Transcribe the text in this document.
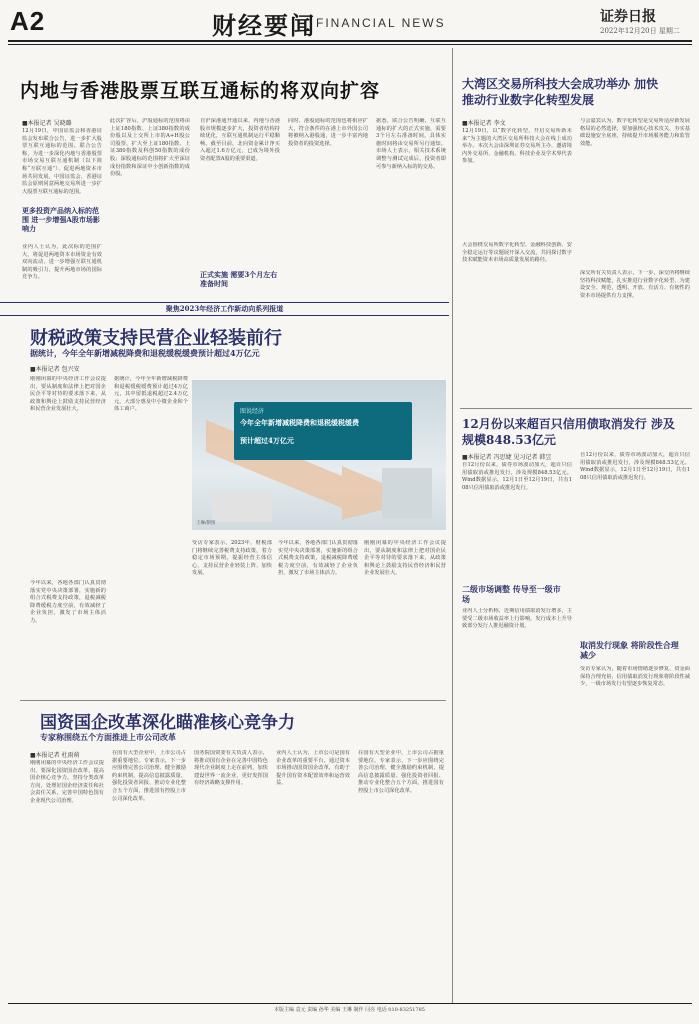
A2	财经要闻 FINANCIAL NEWS	证券日报
2022年12月20日 星期二
内地与香港股票互联互通标的将双向扩容
■本报记者 吴晓璐
12月19日，中国证监会和香港证监会发布联合公告，进一步扩大股票互联互通标的范围。联合公告称，为进一步深化内地与香港股票市场交易互联互通机制（以下简称“互联互通”），促进两地资本市场共同发展，中国证监会、香港证监会原则同意两地交易所进一步扩大股票互联互通标的范围。
业内人士认为，此次标的范围扩大，将促进两地资本市场资金有效双向流动，进一步增强互联互通机制的吸引力，提升两地市场的国际竞争力。
此次扩容后，沪股通标的范围将由上证180指数、上证380指数的成份股以及上交所上市的A+H股公司股票，扩大至上证180指数、上证380指数及科创50指数的成份股；深股通标的范围将扩大至深证成份指数和深证中小创新指数的成份股。
自沪深港通开通以来，内地与香港股市规模逐步扩大，投资者结构持续优化，互联互通机制运行平稳顺畅。截至目前，北向资金累计净买入超过1.6万亿元，已成为境外投资者配置A股的重要渠道。
同时，港股通标的范围也将相应扩大，符合条件的在港上市外国公司将被纳入港股通，进一步丰富内地投资者的投资选择。
据悉，联合公告明确，互联互通标的扩大的正式实施，需要3个月左右准备时间，具体实施时间将由交易所另行通知。市场人士表示，相关技术系统调整与测试完成后，投资者即可参与新纳入标的的交易。
正式实施 需要3个月左右准备时间
更多投资产品纳入标的范围 进一步增强A股市场影响力
大湾区交易所科技大会成功举办 加快推动行业数字化转型发展
■本报记者 李文
12月19日，以“数字化转型，开启交易所新未来”为主题的大湾区交易所科技大会在线上成功举办。本次大会由深圳证券交易所主办，邀请境内外交易所、金融机构、科技企业及学术界代表参加。
大会围绕交易所数字化转型、金融科技创新、安全稳定运行等议题展开深入交流，共同探讨数字技术赋能资本市场高质量发展的路径。
与会嘉宾认为，数字化转型是交易所适应新发展格局的必然选择，要加强核心技术攻关，夯实基础设施安全底座，持续提升市场服务能力和监管效能。
深交所有关负责人表示，下一步，深交所将继续坚持科技赋能，扎实推进行业数字化转型，为建设安全、规范、透明、开放、有活力、有韧性的资本市场提供有力支撑。
聚焦2023年经济工作新动向系列报道
财税政策支持民营企业轻装前行
据统计，今年全年新增减税降费和退税缓税缓费预计超过4万亿元
■本报记者 包兴安
刚刚闭幕的中央经济工作会议提出，要从制度和法律上把对国企民企平等对待的要求落下来，从政策和舆论上鼓励支持民营经济和民营企业发展壮大。
今年以来，各地各部门认真贯彻落实党中央决策部署，实施新的组合式税费支持政策，退税减税降费缓税力度空前，有效减轻了企业负担，激发了市场主体活力。
据统计，今年全年新增减税降费和退税缓税缓费预计超过4万亿元，其中留抵退税超过2.4万亿元，大部分惠及中小微企业和个体工商户。
受访专家表示，2023年，财税部门将继续完善税费支持政策，着力稳定市场预期，提振经营主体信心，支持民营企业轻装上阵、加快发展。
今年以来，各地各部门认真贯彻落实党中央决策部署，实施新的组合式税费支持政策，退税减税降费缓税力度空前，有效减轻了企业负担，激发了市场主体活力。
刚刚闭幕的中央经济工作会议提出，要从制度和法律上把对国企民企平等对待的要求落下来，从政策和舆论上鼓励支持民营经济和民营企业发展壮大。
图说经济
今年全年新增减税降费和退税缓税缓费
预计超过4万亿元
王琳/制图
国资国企改革深化瞄准核心竞争力
专家称围绕五个方面推进上市公司改革
■本报记者 杜雨萌
刚刚闭幕的中央经济工作会议提出，要深化国资国企改革，提高国企核心竞争力。坚持分类改革方向，处理好国企经济责任和社会责任关系，完善中国特色国有企业现代公司治理。
在国有大型企业中，上市公司占据重要地位。专家表示，下一步应围绕完善公司治理、健全激励约束机制、提高信息披露质量、强化投资者回报、推动专业化整合五个方面，推进国有控股上市公司深化改革。
国务院国资委有关负责人表示，将推动国有企业在完善中国特色现代企业制度上走在前列，加快建设世界一流企业，更好发挥国有经济战略支撑作用。
业内人士认为，上市公司是国有企业改革的重要平台，通过资本市场推动国资国企改革，有助于提升国有资本配置效率和运营效益。
在国有大型企业中，上市公司占据重要地位。专家表示，下一步应围绕完善公司治理、健全激励约束机制、提高信息披露质量、强化投资者回报、推动专业化整合五个方面，推进国有控股上市公司深化改革。
12月份以来超百只信用债取消发行 涉及规模848.53亿元
■本报记者 冯思婕 见习记者 韩昱
自12月份以来，债券市场波动加大，超百只信用债取消或推迟发行，涉及规模848.53亿元。Wind数据显示，12月1日至12月19日，共有108只信用债取消或推迟发行。
二级市场调整 传导至一级市场
业内人士分析称，近期信用债取消发行增多，主要受二级市场收益率上行影响，发行成本上升导致部分发行人推迟融资计划。
自12月份以来，债券市场波动加大，超百只信用债取消或推迟发行，涉及规模848.53亿元。Wind数据显示，12月1日至12月19日，共有108只信用债取消或推迟发行。
取消发行现象 将阶段性合理减少
受访专家认为，随着市场情绪逐步修复、资金面保持合理充裕，信用债取消发行现象将阶段性减少，一级市场发行有望逐步恢复常态。
本版主编 袁元 责编 孙华 美编 王琳 制作 闫亮 电话 010-83251785
